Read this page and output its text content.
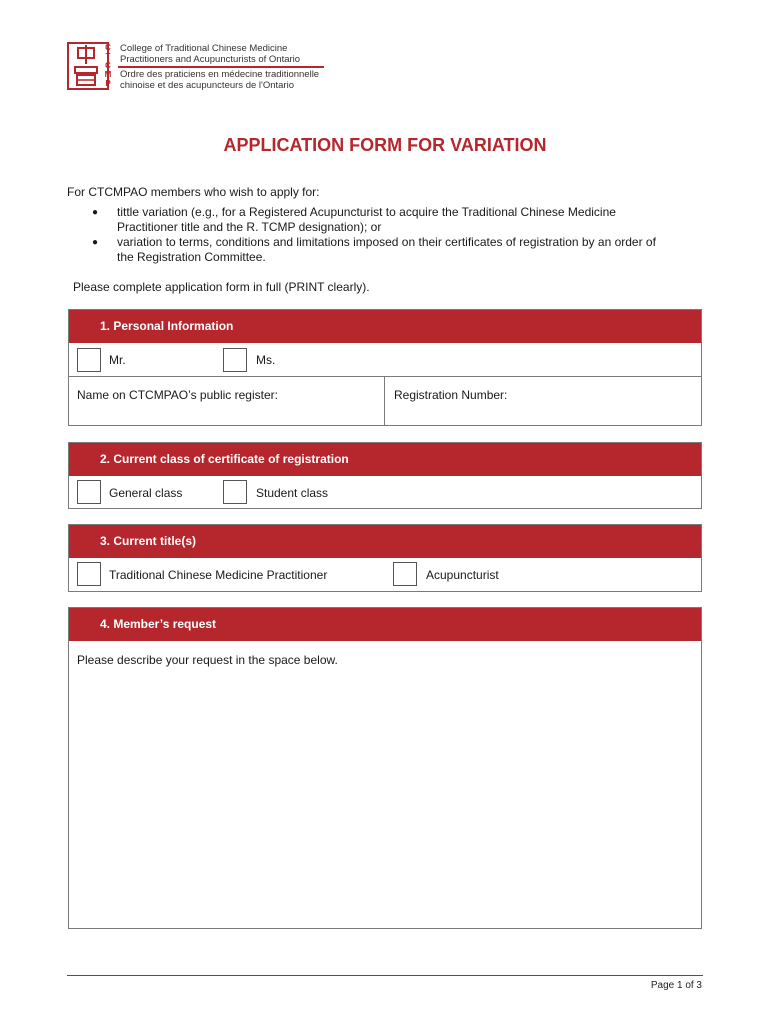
C
T
C
M
P
College of Traditional Chinese Medicine
Practitioners and Acupuncturists of Ontario
Ordre des praticiens en médecine traditionnelle
chinoise et des acupuncteurs de l'Ontario
APPLICATION FORM FOR VARIATION
For CTCMPAO members who wish to apply for:
● tittle variation (e.g., for a Registered Acupuncturist to acquire the Traditional Chinese Medicine
Practitioner title and the R. TCMP designation); or
● variation to terms, conditions and limitations imposed on their certificates of registration by an order of
the Registration Committee.
Please complete application form in full (PRINT clearly).
1. Personal Information
Mr.	Ms.
Name on CTCMPAO’s public register:	Registration Number:
2. Current class of certificate of registration
General class	Student class
3. Current title(s)
Traditional Chinese Medicine Practitioner	Acupuncturist
4. Member’s request
Please describe your request in the space below.
Page 1 of 3
